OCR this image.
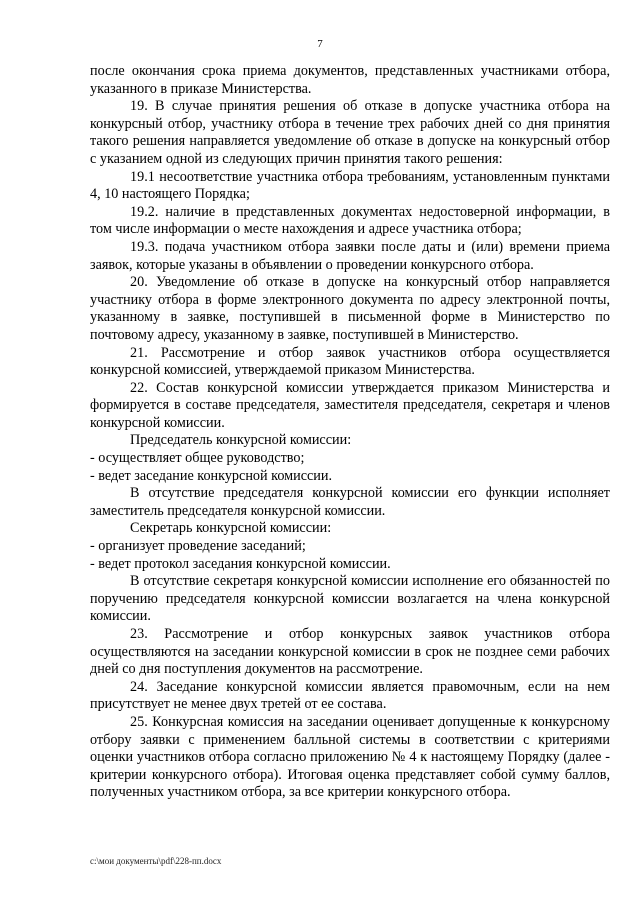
7

после окончания срока приема документов, представленных участниками отбора, указанного в приказе Министерства.

19. В случае принятия решения об отказе в допуске участника отбора на конкурсный отбор, участнику отбора в течение трех рабочих дней со дня принятия такого решения направляется уведомление об отказе в допуске на конкурсный отбор с указанием одной из следующих причин принятия такого решения:

19.1 несоответствие участника отбора требованиям, установленным пунктами 4, 10 настоящего Порядка;

19.2. наличие в представленных документах недостоверной информации, в том числе информации о месте нахождения и адресе участника отбора;

19.3. подача участником отбора заявки после даты и (или) времени приема заявок, которые указаны в объявлении о проведении конкурсного отбора.

20. Уведомление об отказе в допуске на конкурсный отбор направляется участнику отбора в форме электронного документа по адресу электронной почты, указанному в заявке, поступившей в письменной форме в Министерство по почтовому адресу, указанному в заявке, поступившей в Министерство.

21. Рассмотрение и отбор заявок участников отбора осуществляется конкурсной комиссией, утверждаемой приказом Министерства.

22. Состав конкурсной комиссии утверждается приказом Министерства и формируется в составе председателя, заместителя председателя, секретаря и членов конкурсной комиссии.

Председатель конкурсной комиссии:

- осуществляет общее руководство;

- ведет заседание конкурсной комиссии.

В отсутствие председателя конкурсной комиссии его функции исполняет заместитель председателя конкурсной комиссии.

Секретарь конкурсной комиссии:

- организует проведение заседаний;

- ведет протокол заседания конкурсной комиссии.

В отсутствие секретаря конкурсной комиссии исполнение его обязанностей по поручению председателя конкурсной комиссии возлагается на члена конкурсной комиссии.

23. Рассмотрение и отбор конкурсных заявок участников отбора осуществляются на заседании конкурсной комиссии в срок не позднее семи рабочих дней со дня поступления документов на рассмотрение.

24. Заседание конкурсной комиссии является правомочным, если на нем присутствует не менее двух третей от ее состава.

25. Конкурсная комиссия на заседании оценивает допущенные к конкурсному отбору заявки с применением балльной системы в соответствии с критериями оценки участников отбора согласно приложению № 4 к настоящему Порядку (далее - критерии конкурсного отбора). Итоговая оценка представляет собой сумму баллов, полученных участником отбора, за все критерии конкурсного отбора.

c:\мои документы\pdf\228-пп.docx
